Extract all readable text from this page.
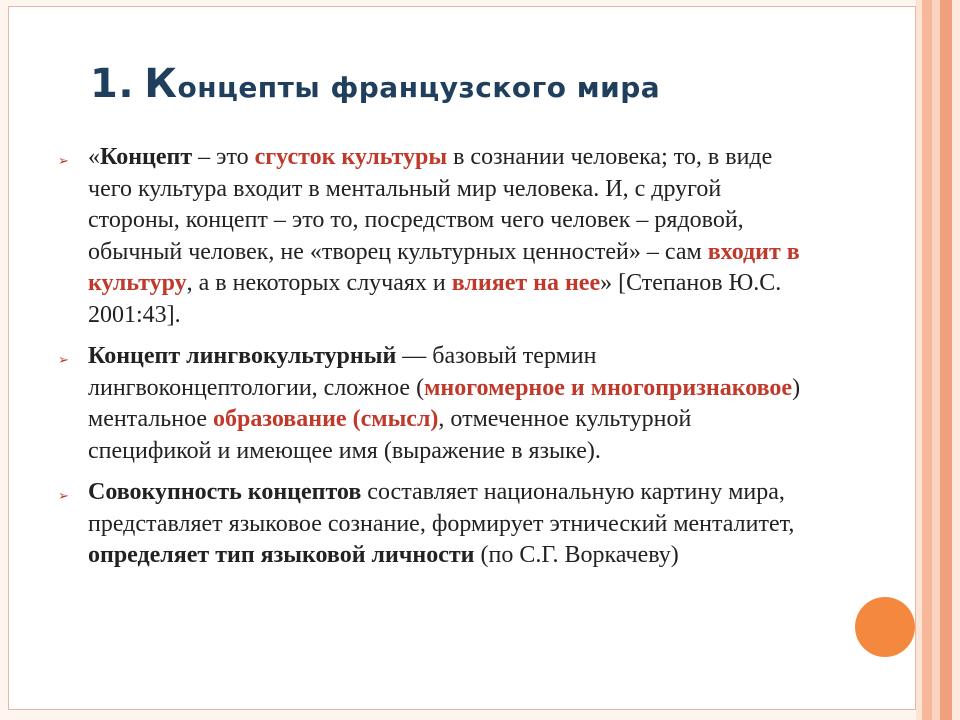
1. Концепты французского мира
➢ «Концепт – это сгусток культуры в сознании человека; то, в виде чего культура входит в ментальный мир человека. И, с другой стороны, концепт – это то, посредством чего человек – рядовой, обычный человек, не «творец культурных ценностей» – сам входит в культуру, а в некоторых случаях и влияет на нее» [Степанов Ю.С. 2001:43].
➢ Концепт лингвокультурный — базовый термин лингвоконцептологии, сложное (многомерное и многопризнаковое) ментальное образование (смысл), отмеченное культурной спецификой и имеющее имя (выражение в языке).
➢ Совокупность концептов составляет национальную картину мира, представляет языковое сознание, формирует этнический менталитет, определяет тип языковой личности (по С.Г. Воркачеву)
